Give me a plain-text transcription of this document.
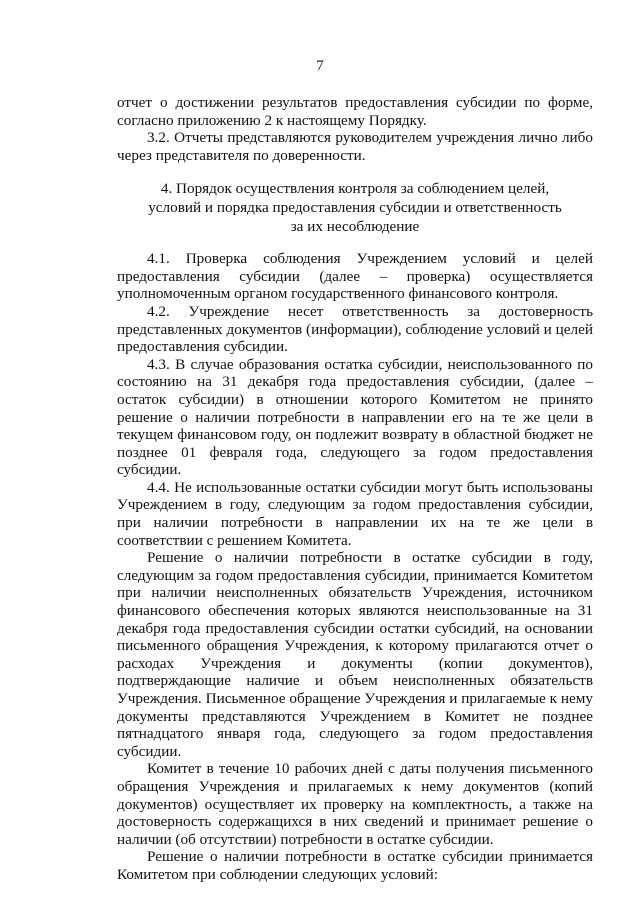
7

отчет о достижении результатов предоставления субсидии по форме, согласно приложению 2 к настоящему Порядку.

3.2. Отчеты представляются руководителем учреждения лично либо через представителя по доверенности.

4. Порядок осуществления контроля за соблюдением целей,
условий и порядка предоставления субсидии и ответственность
за их несоблюдение

4.1. Проверка соблюдения Учреждением условий и целей предоставления субсидии (далее – проверка) осуществляется уполномоченным органом государственного финансового контроля.

4.2. Учреждение несет ответственность за достоверность представленных документов (информации), соблюдение условий и целей предоставления субсидии.

4.3. В случае образования остатка субсидии, неиспользованного по состоянию на 31 декабря года предоставления субсидии, (далее – остаток субсидии) в отношении которого Комитетом не принято решение о наличии потребности в направлении его на те же цели в текущем финансовом году, он подлежит возврату в областной бюджет не позднее 01 февраля года, следующего за годом предоставления субсидии.

4.4. Не использованные остатки субсидии могут быть использованы Учреждением в году, следующим за годом предоставления субсидии, при наличии потребности в направлении их на те же цели в соответствии с решением Комитета.

Решение о наличии потребности в остатке субсидии в году, следующим за годом предоставления субсидии, принимается Комитетом при наличии неисполненных обязательств Учреждения, источником финансового обеспечения которых являются неиспользованные на 31 декабря года предоставления субсидии остатки субсидий, на основании письменного обращения Учреждения, к которому прилагаются отчет о расходах Учреждения и документы (копии документов), подтверждающие наличие и объем неисполненных обязательств Учреждения. Письменное обращение Учреждения и прилагаемые к нему документы представляются Учреждением в Комитет не позднее пятнадцатого января года, следующего за годом предоставления субсидии.

Комитет в течение 10 рабочих дней с даты получения письменного обращения Учреждения и прилагаемых к нему документов (копий документов) осуществляет их проверку на комплектность, а также на достоверность содержащихся в них сведений и принимает решение о наличии (об отсутствии) потребности в остатке субсидии.

Решение о наличии потребности в остатке субсидии принимается Комитетом при соблюдении следующих условий:
